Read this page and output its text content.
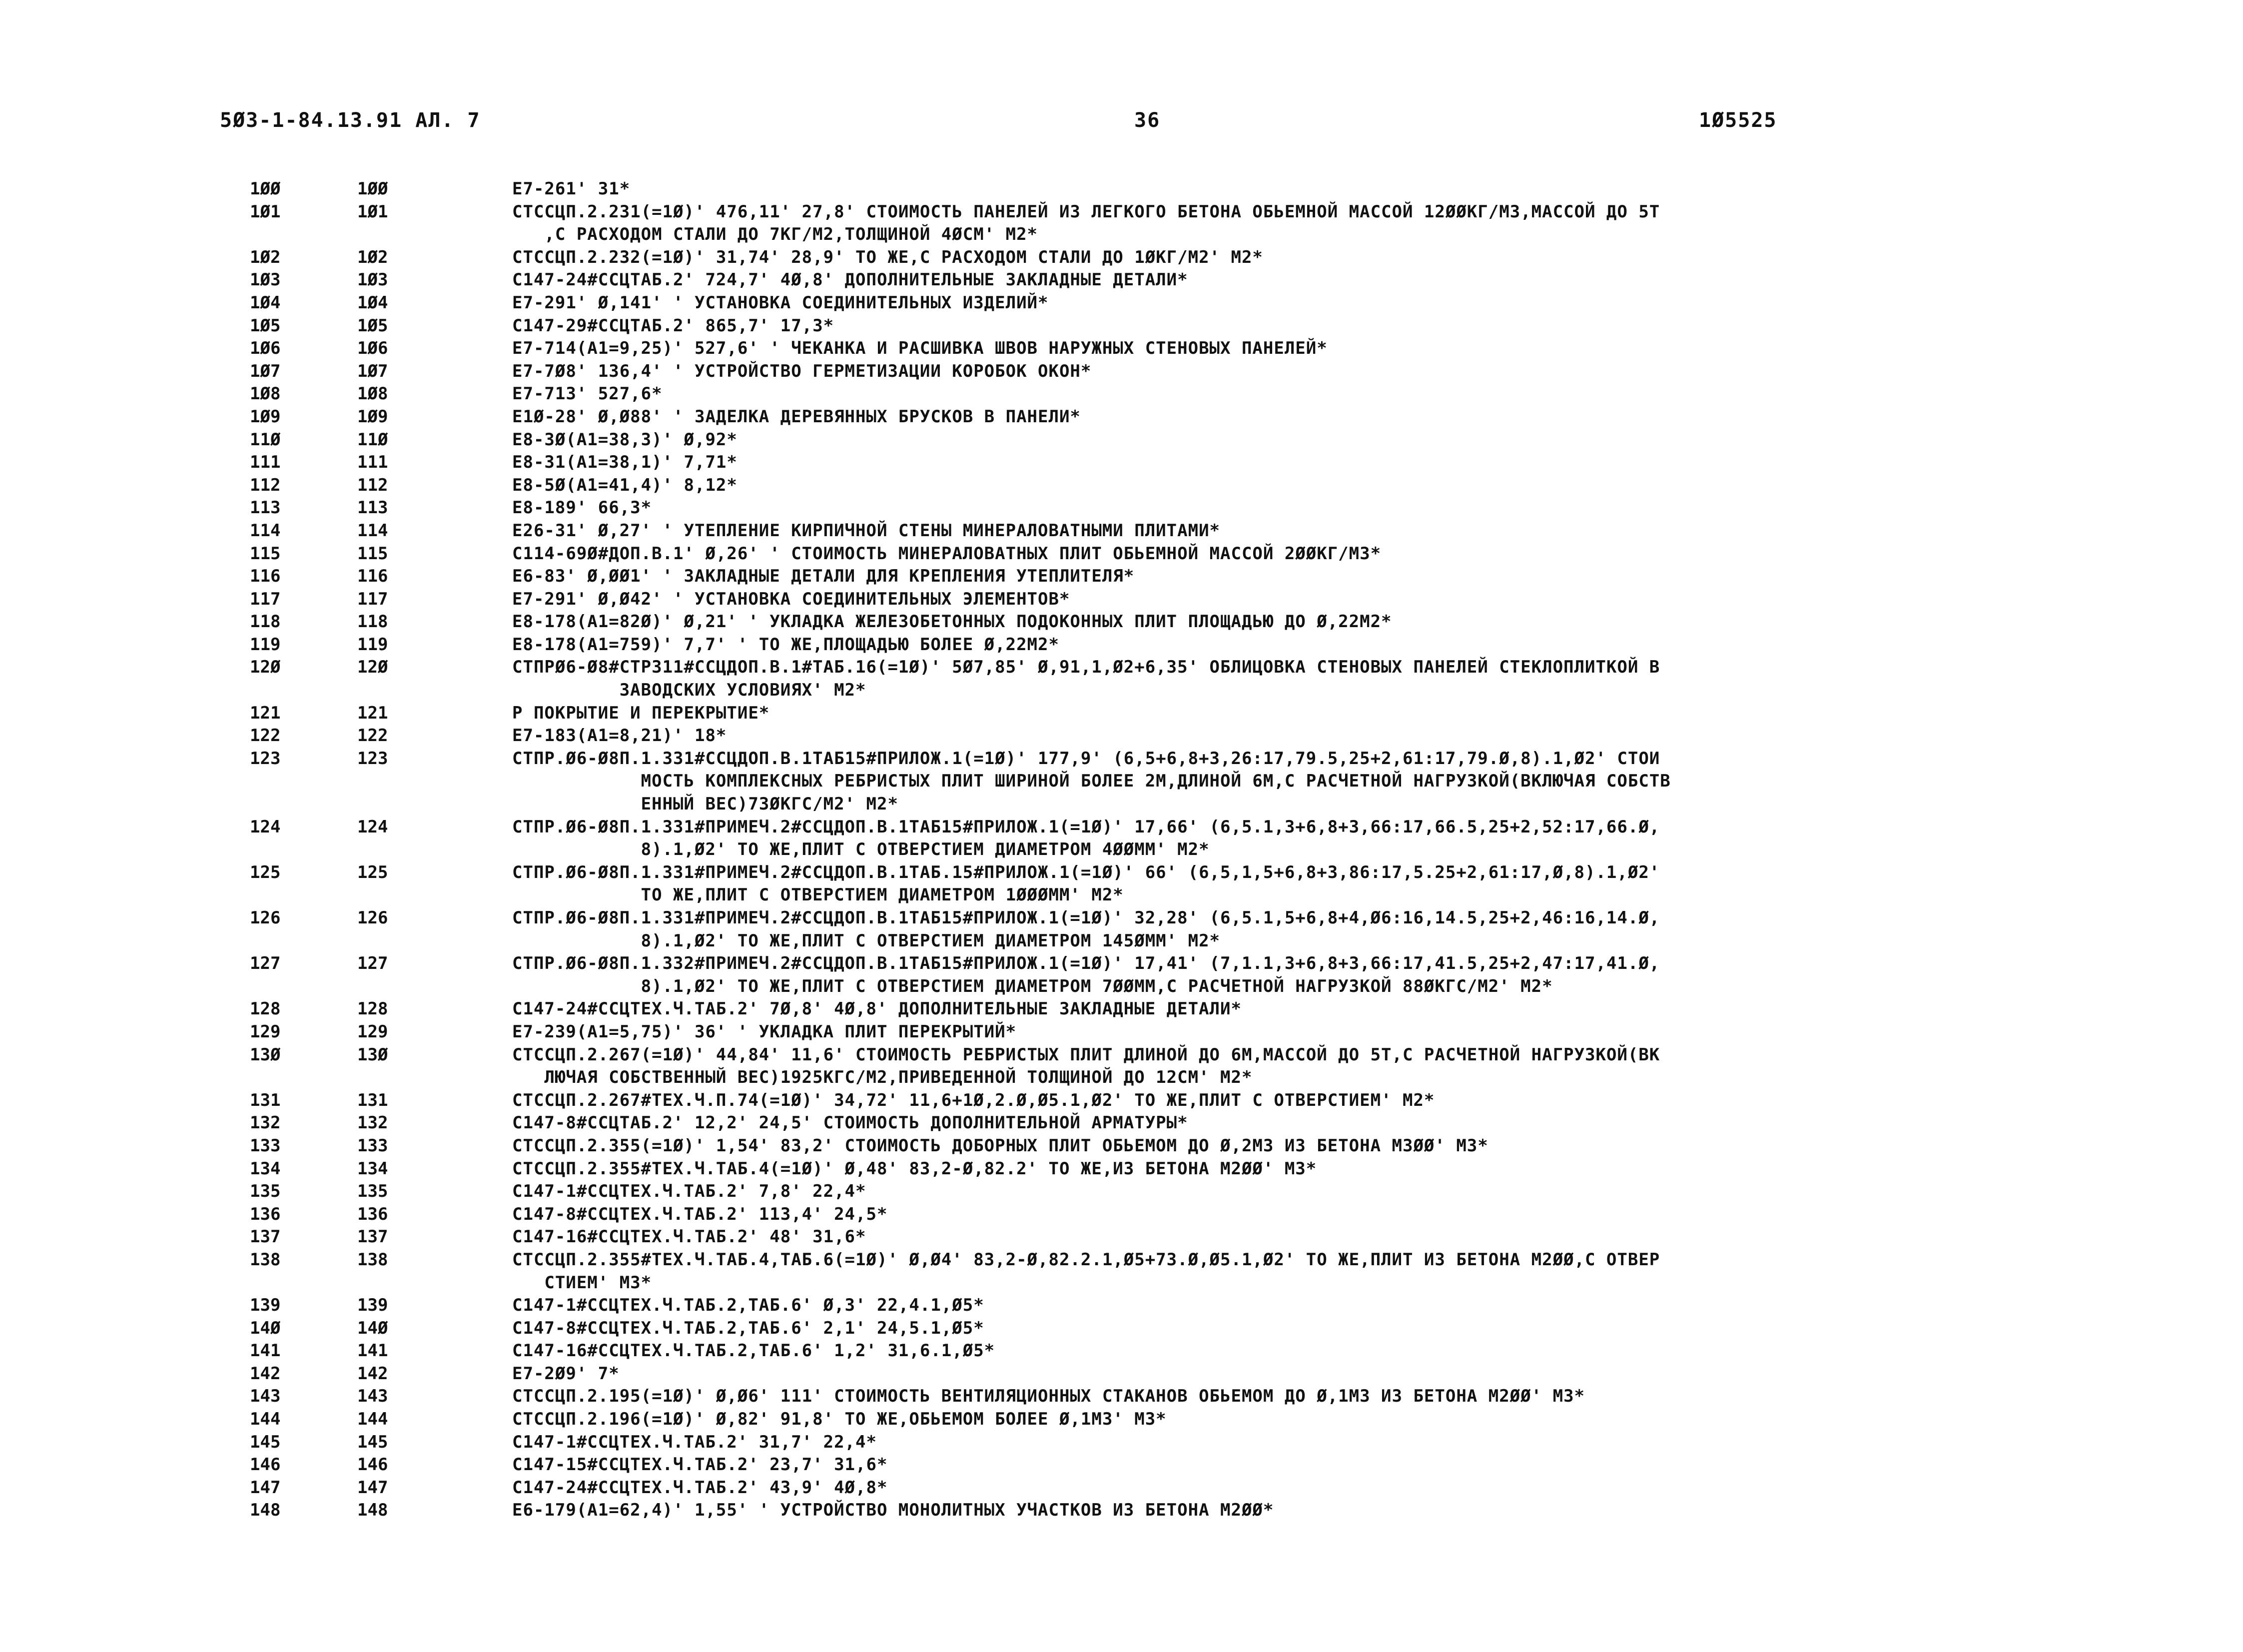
5Ø3-1-84.13.91 АЛ. 7	36	1Ø5525
1ØØ	1ØØ	Е7-261' 31*
1Ø1	1Ø1	СТССЦП.2.231(=1Ø)' 476,11' 27,8' СТОИМОСТЬ ПАНЕЛЕЙ ИЗ ЛЕГКОГО БЕТОНА ОБЬЕМНОЙ МАССОЙ 12ØØКГ/М3,МАССОЙ ДО 5Т
,С РАСХОДОМ СТАЛИ ДО 7КГ/М2,ТОЛЩИНОЙ 4ØСМ' М2*
1Ø2	1Ø2	СТССЦП.2.232(=1Ø)' 31,74' 28,9' ТО ЖЕ,С РАСХОДОМ СТАЛИ ДО 1ØКГ/М2' М2*
1Ø3	1Ø3	С147-24#ССЦТАБ.2' 724,7' 4Ø,8' ДОПОЛНИТЕЛЬНЫЕ ЗАКЛАДНЫЕ ДЕТАЛИ*
1Ø4	1Ø4	Е7-291' Ø,141' ' УСТАНОВКА СОЕДИНИТЕЛЬНЫХ ИЗДЕЛИЙ*
1Ø5	1Ø5	С147-29#ССЦТАБ.2' 865,7' 17,3*
1Ø6	1Ø6	Е7-714(А1=9,25)' 527,6' ' ЧЕКАНКА И РАСШИВКА ШВОВ НАРУЖНЫХ СТЕНОВЫХ ПАНЕЛЕЙ*
1Ø7	1Ø7	Е7-7Ø8' 136,4' ' УСТРОЙСТВО ГЕРМЕТИЗАЦИИ КОРОБОК ОКОН*
1Ø8	1Ø8	Е7-713' 527,6*
1Ø9	1Ø9	Е1Ø-28' Ø,Ø88' ' ЗАДЕЛКА ДЕРЕВЯННЫХ БРУСКОВ В ПАНЕЛИ*
11Ø	11Ø	Е8-3Ø(А1=38,3)' Ø,92*
111	111	Е8-31(А1=38,1)' 7,71*
112	112	Е8-5Ø(А1=41,4)' 8,12*
113	113	Е8-189' 66,3*
114	114	Е26-31' Ø,27' ' УТЕПЛЕНИЕ КИРПИЧНОЙ СТЕНЫ МИНЕРАЛОВАТНЫМИ ПЛИТАМИ*
115	115	С114-69Ø#ДОП.В.1' Ø,26' ' СТОИМОСТЬ МИНЕРАЛОВАТНЫХ ПЛИТ ОБЬЕМНОЙ МАССОЙ 2ØØКГ/М3*
116	116	Е6-83' Ø,ØØ1' ' ЗАКЛАДНЫЕ ДЕТАЛИ ДЛЯ КРЕПЛЕНИЯ УТЕПЛИТЕЛЯ*
117	117	Е7-291' Ø,Ø42' ' УСТАНОВКА СОЕДИНИТЕЛЬНЫХ ЭЛЕМЕНТОВ*
118	118	Е8-178(А1=82Ø)' Ø,21' ' УКЛАДКА ЖЕЛЕЗОБЕТОННЫХ ПОДОКОННЫХ ПЛИТ ПЛОЩАДЬЮ ДО Ø,22М2*
119	119	Е8-178(А1=759)' 7,7' ' ТО ЖЕ,ПЛОЩАДЬЮ БОЛЕЕ Ø,22М2*
12Ø	12Ø	СТПРØ6-Ø8#СТР311#ССЦДОП.В.1#ТАБ.16(=1Ø)' 5Ø7,85' Ø,91,1,Ø2+6,35' ОБЛИЦОВКА СТЕНОВЫХ ПАНЕЛЕЙ СТЕКЛОПЛИТКОЙ В
ЗАВОДСКИХ УСЛОВИЯХ' М2*
121	121	Р ПОКРЫТИЕ И ПЕРЕКРЫТИЕ*
122	122	Е7-183(А1=8,21)' 18*
123	123	СТПР.Ø6-Ø8П.1.331#ССЦДОП.В.1ТАБ15#ПРИЛОЖ.1(=1Ø)' 177,9' (6,5+6,8+3,26:17,79.5,25+2,61:17,79.Ø,8).1,Ø2' СТОИ
МОСТЬ КОМПЛЕКСНЫХ РЕБРИСТЫХ ПЛИТ ШИРИНОЙ БОЛЕЕ 2М,ДЛИНОЙ 6М,С РАСЧЕТНОЙ НАГРУЗКОЙ(ВКЛЮЧАЯ СОБСТВ
ЕННЫЙ ВЕС)73ØКГС/М2' М2*
124	124	СТПР.Ø6-Ø8П.1.331#ПРИМЕЧ.2#ССЦДОП.В.1ТАБ15#ПРИЛОЖ.1(=1Ø)' 17,66' (6,5.1,3+6,8+3,66:17,66.5,25+2,52:17,66.Ø,
8).1,Ø2' ТО ЖЕ,ПЛИТ С ОТВЕРСТИЕМ ДИАМЕТРОМ 4ØØММ' М2*
125	125	СТПР.Ø6-Ø8П.1.331#ПРИМЕЧ.2#ССЦДОП.В.1ТАБ.15#ПРИЛОЖ.1(=1Ø)' 66' (6,5,1,5+6,8+3,86:17,5.25+2,61:17,Ø,8).1,Ø2'
ТО ЖЕ,ПЛИТ С ОТВЕРСТИЕМ ДИАМЕТРОМ 1ØØØММ' М2*
126	126	СТПР.Ø6-Ø8П.1.331#ПРИМЕЧ.2#ССЦДОП.В.1ТАБ15#ПРИЛОЖ.1(=1Ø)' 32,28' (6,5.1,5+6,8+4,Ø6:16,14.5,25+2,46:16,14.Ø,
8).1,Ø2' ТО ЖЕ,ПЛИТ С ОТВЕРСТИЕМ ДИАМЕТРОМ 145ØММ' М2*
127	127	СТПР.Ø6-Ø8П.1.332#ПРИМЕЧ.2#ССЦДОП.В.1ТАБ15#ПРИЛОЖ.1(=1Ø)' 17,41' (7,1.1,3+6,8+3,66:17,41.5,25+2,47:17,41.Ø,
8).1,Ø2' ТО ЖЕ,ПЛИТ С ОТВЕРСТИЕМ ДИАМЕТРОМ 7ØØММ,С РАСЧЕТНОЙ НАГРУЗКОЙ 88ØКГС/М2' М2*
128	128	С147-24#ССЦТЕХ.Ч.ТАБ.2' 7Ø,8' 4Ø,8' ДОПОЛНИТЕЛЬНЫЕ ЗАКЛАДНЫЕ ДЕТАЛИ*
129	129	Е7-239(А1=5,75)' 36' ' УКЛАДКА ПЛИТ ПЕРЕКРЫТИЙ*
13Ø	13Ø	СТССЦП.2.267(=1Ø)' 44,84' 11,6' СТОИМОСТЬ РЕБРИСТЫХ ПЛИТ ДЛИНОЙ ДО 6М,МАССОЙ ДО 5Т,С РАСЧЕТНОЙ НАГРУЗКОЙ(ВК
ЛЮЧАЯ СОБСТВЕННЫЙ ВЕС)1925КГС/М2,ПРИВЕДЕННОЙ ТОЛЩИНОЙ ДО 12СМ' М2*
131	131	СТССЦП.2.267#ТЕХ.Ч.П.74(=1Ø)' 34,72' 11,6+1Ø,2.Ø,Ø5.1,Ø2' ТО ЖЕ,ПЛИТ С ОТВЕРСТИЕМ' М2*
132	132	С147-8#ССЦТАБ.2' 12,2' 24,5' СТОИМОСТЬ ДОПОЛНИТЕЛЬНОЙ АРМАТУРЫ*
133	133	СТССЦП.2.355(=1Ø)' 1,54' 83,2' СТОИМОСТЬ ДОБОРНЫХ ПЛИТ ОБЬЕМОМ ДО Ø,2М3 ИЗ БЕТОНА М3ØØ' М3*
134	134	СТССЦП.2.355#ТЕХ.Ч.ТАБ.4(=1Ø)' Ø,48' 83,2-Ø,82.2' ТО ЖЕ,ИЗ БЕТОНА М2ØØ' М3*
135	135	С147-1#ССЦТЕХ.Ч.ТАБ.2' 7,8' 22,4*
136	136	С147-8#ССЦТЕХ.Ч.ТАБ.2' 113,4' 24,5*
137	137	С147-16#ССЦТЕХ.Ч.ТАБ.2' 48' 31,6*
138	138	СТССЦП.2.355#ТЕХ.Ч.ТАБ.4,ТАБ.6(=1Ø)' Ø,Ø4' 83,2-Ø,82.2.1,Ø5+73.Ø,Ø5.1,Ø2' ТО ЖЕ,ПЛИТ ИЗ БЕТОНА М2ØØ,С ОТВЕР
СТИЕМ' М3*
139	139	С147-1#ССЦТЕХ.Ч.ТАБ.2,ТАБ.6' Ø,3' 22,4.1,Ø5*
14Ø	14Ø	С147-8#ССЦТЕХ.Ч.ТАБ.2,ТАБ.6' 2,1' 24,5.1,Ø5*
141	141	С147-16#ССЦТЕХ.Ч.ТАБ.2,ТАБ.6' 1,2' 31,6.1,Ø5*
142	142	Е7-2Ø9' 7*
143	143	СТССЦП.2.195(=1Ø)' Ø,Ø6' 111' СТОИМОСТЬ ВЕНТИЛЯЦИОННЫХ СТАКАНОВ ОБЬЕМОМ ДО Ø,1М3 ИЗ БЕТОНА М2ØØ' М3*
144	144	СТССЦП.2.196(=1Ø)' Ø,82' 91,8' ТО ЖЕ,ОБЬЕМОМ БОЛЕЕ Ø,1М3' М3*
145	145	С147-1#ССЦТЕХ.Ч.ТАБ.2' 31,7' 22,4*
146	146	С147-15#ССЦТЕХ.Ч.ТАБ.2' 23,7' 31,6*
147	147	С147-24#ССЦТЕХ.Ч.ТАБ.2' 43,9' 4Ø,8*
148	148	Е6-179(А1=62,4)' 1,55' ' УСТРОЙСТВО МОНОЛИТНЫХ УЧАСТКОВ ИЗ БЕТОНА М2ØØ*
